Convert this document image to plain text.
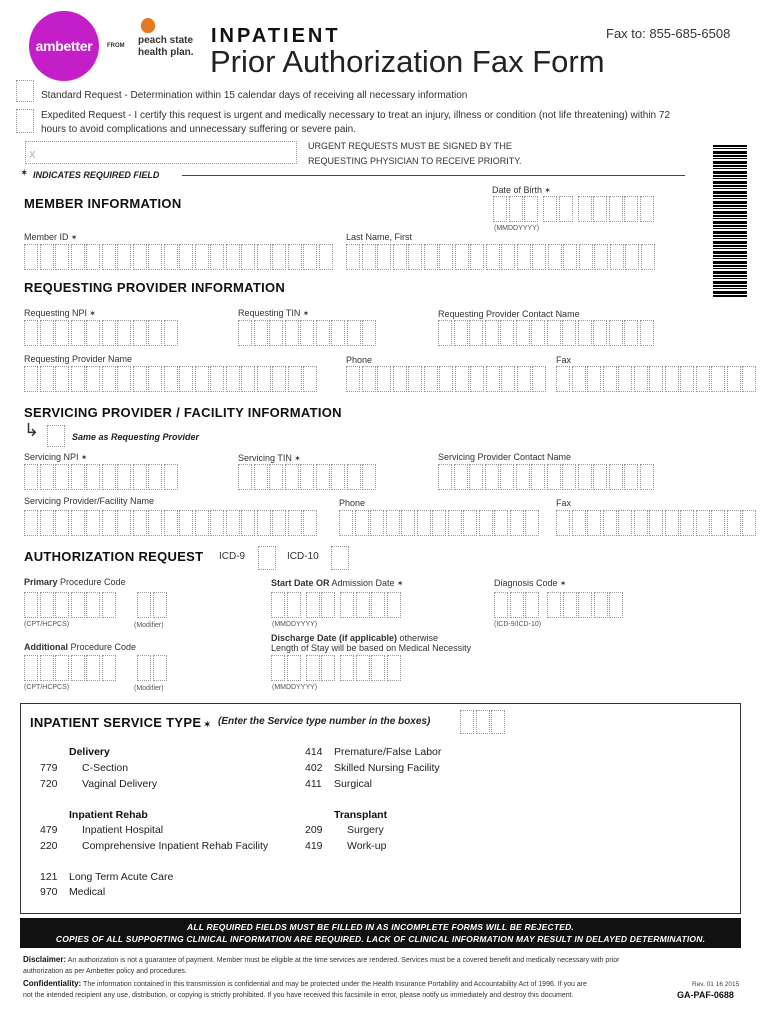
ambetter	FROM peach state
health plan.
INPATIENT
Prior Authorization Fax Form
Fax to: 855-685-6508
Standard Request - Determination within 15 calendar days of receiving all necessary information
Expedited Request - I certify this request is urgent and medically necessary to treat an injury, illness or condition (not life threatening) within 72
hours to avoid complications and unnecessary suffering or severe pain.
X
URGENT REQUESTS MUST BE SIGNED BY THE
REQUESTING PHYSICIAN TO RECEIVE PRIORITY.
✶ INDICATES REQUIRED FIELD
MEMBER INFORMATION
Date of Birth ✶
(MMDDYYYY)
Member ID ✶	Last Name, First
REQUESTING PROVIDER INFORMATION
Requesting NPI ✶	Requesting TIN ✶	Requesting Provider Contact Name
Requesting Provider Name	Phone	Fax
SERVICING PROVIDER / FACILITY INFORMATION
↳	Same as Requesting Provider
Servicing NPI ✶	Servicing TIN ✶	Servicing Provider Contact Name
Servicing Provider/Facility Name	Phone	Fax
AUTHORIZATION REQUEST ICD-9	ICD-10
Primary Procedure Code	Start Date OR Admission Date ✶	Diagnosis Code ✶
(CPT/HCPCS)	(Modifier)	(MMDDYYYY)	(ICD-9/ICD-10)
Discharge Date (if applicable) otherwise
Length of Stay will be based on Medical Necessity
Additional Procedure Code
(CPT/HCPCS)	(Modifier)	(MMDDYYYY)
INPATIENT SERVICE TYPE ✶	(Enter the Service type number in the boxes)
Delivery
779 C-Section
720 Vaginal Delivery
414 Premature/False Labor
402 Skilled Nursing Facility
411 Surgical
Inpatient Rehab
479 Inpatient Hospital
220 Comprehensive Inpatient Rehab Facility
Transplant
209 Surgery
419 Work-up
121 Long Term Acute Care
970 Medical
ALL REQUIRED FIELDS MUST BE FILLED IN AS INCOMPLETE FORMS WILL BE REJECTED.
COPIES OF ALL SUPPORTING CLINICAL INFORMATION ARE REQUIRED. LACK OF CLINICAL INFORMATION MAY RESULT IN DELAYED DETERMINATION.
Disclaimer: An authorization is not a guarantee of payment. Member must be eligible at the time services are rendered. Services must be a covered benefit and medically necessary with prior
authorization as per Ambetter policy and procedures.
Confidentiality: The information contained in this transmission is confidential and may be protected under the Health Insurance Portability and Accountability Act of 1996. If you are
not the intended recipient any use, distribution, or copying is strictly prohibited. If you have received this facsimile in error, please notify us immediately and destroy this document.
Rev. 01 16 2015
GA-PAF-0688
